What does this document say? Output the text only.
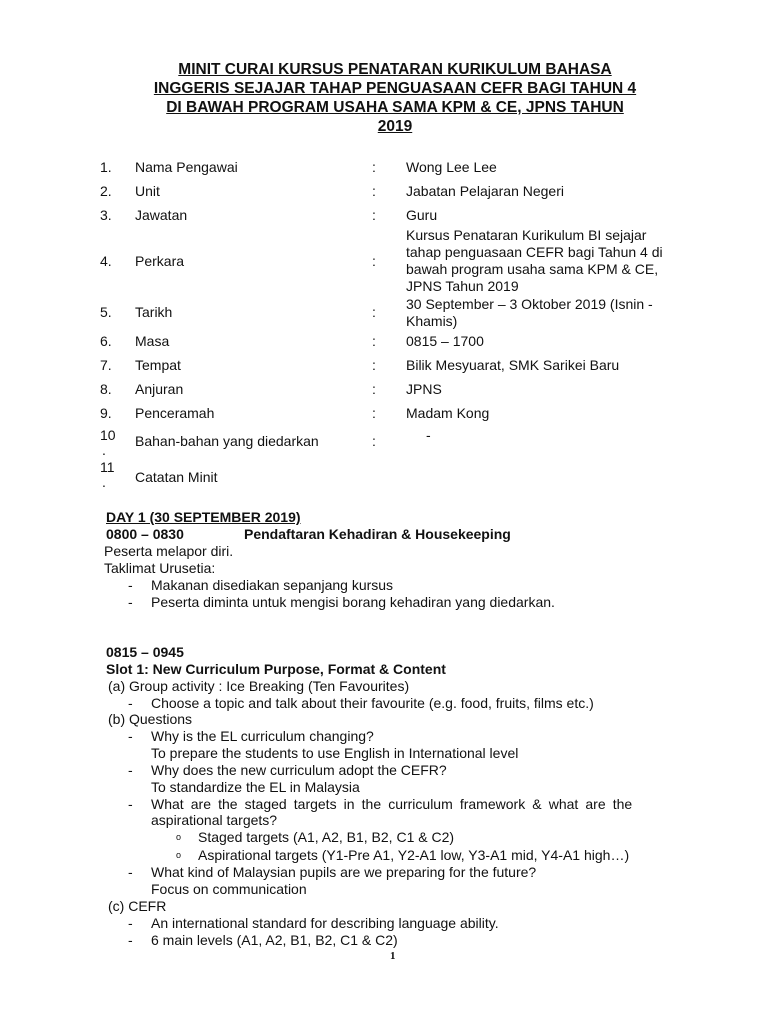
MINIT CURAI KURSUS PENATARAN KURIKULUM BAHASA
INGGERIS SEJAJAR TAHAP PENGUASAAN CEFR BAGI TAHUN 4
DI BAWAH PROGRAM USAHA SAMA KPM & CE, JPNS TAHUN
2019
1. Nama Pengawai	: Wong Lee Lee
2. Unit	: Jabatan Pelajaran Negeri
3. Jawatan	: Guru
4. Perkara	:
Kursus Penataran Kurikulum BI sejajar
tahap penguasaan CEFR bagi Tahun 4 di
bawah program usaha sama KPM & CE,
JPNS Tahun 2019
5. Tarikh	: 30 September – 3 Oktober 2019 (Isnin -
Khamis)
6. Masa	: 0815 – 1700
7. Tempat	: Bilik Mesyuarat, SMK Sarikei Baru
8. Anjuran	: JPNS
9. Penceramah	: Madam Kong
10
.
Bahan-bahan yang diedarkan	:	-
11
. Catatan Minit
DAY 1 (30 SEPTEMBER 2019)
0800 – 0830	Pendaftaran Kehadiran & Housekeeping
Peserta melapor diri.
Taklimat Urusetia:
- Makanan disediakan sepanjang kursus
- Peserta diminta untuk mengisi borang kehadiran yang diedarkan.
0815 – 0945
Slot 1: New Curriculum Purpose, Format & Content
(a) Group activity : Ice Breaking (Ten Favourites)
- Choose a topic and talk about their favourite (e.g. food, fruits, films etc.)
(b) Questions
- Why is the EL curriculum changing?
To prepare the students to use English in International level
- Why does the new curriculum adopt the CEFR?
To standardize the EL in Malaysia
- What are the staged targets in the curriculum framework & what are the
aspirational targets?
o Staged targets (A1, A2, B1, B2, C1 & C2)
o Aspirational targets (Y1-Pre A1, Y2-A1 low, Y3-A1 mid, Y4-A1 high…)
- What kind of Malaysian pupils are we preparing for the future?
Focus on communication
(c) CEFR
- An international standard for describing language ability.
- 6 main levels (A1, A2, B1, B2, C1 & C2)
1
